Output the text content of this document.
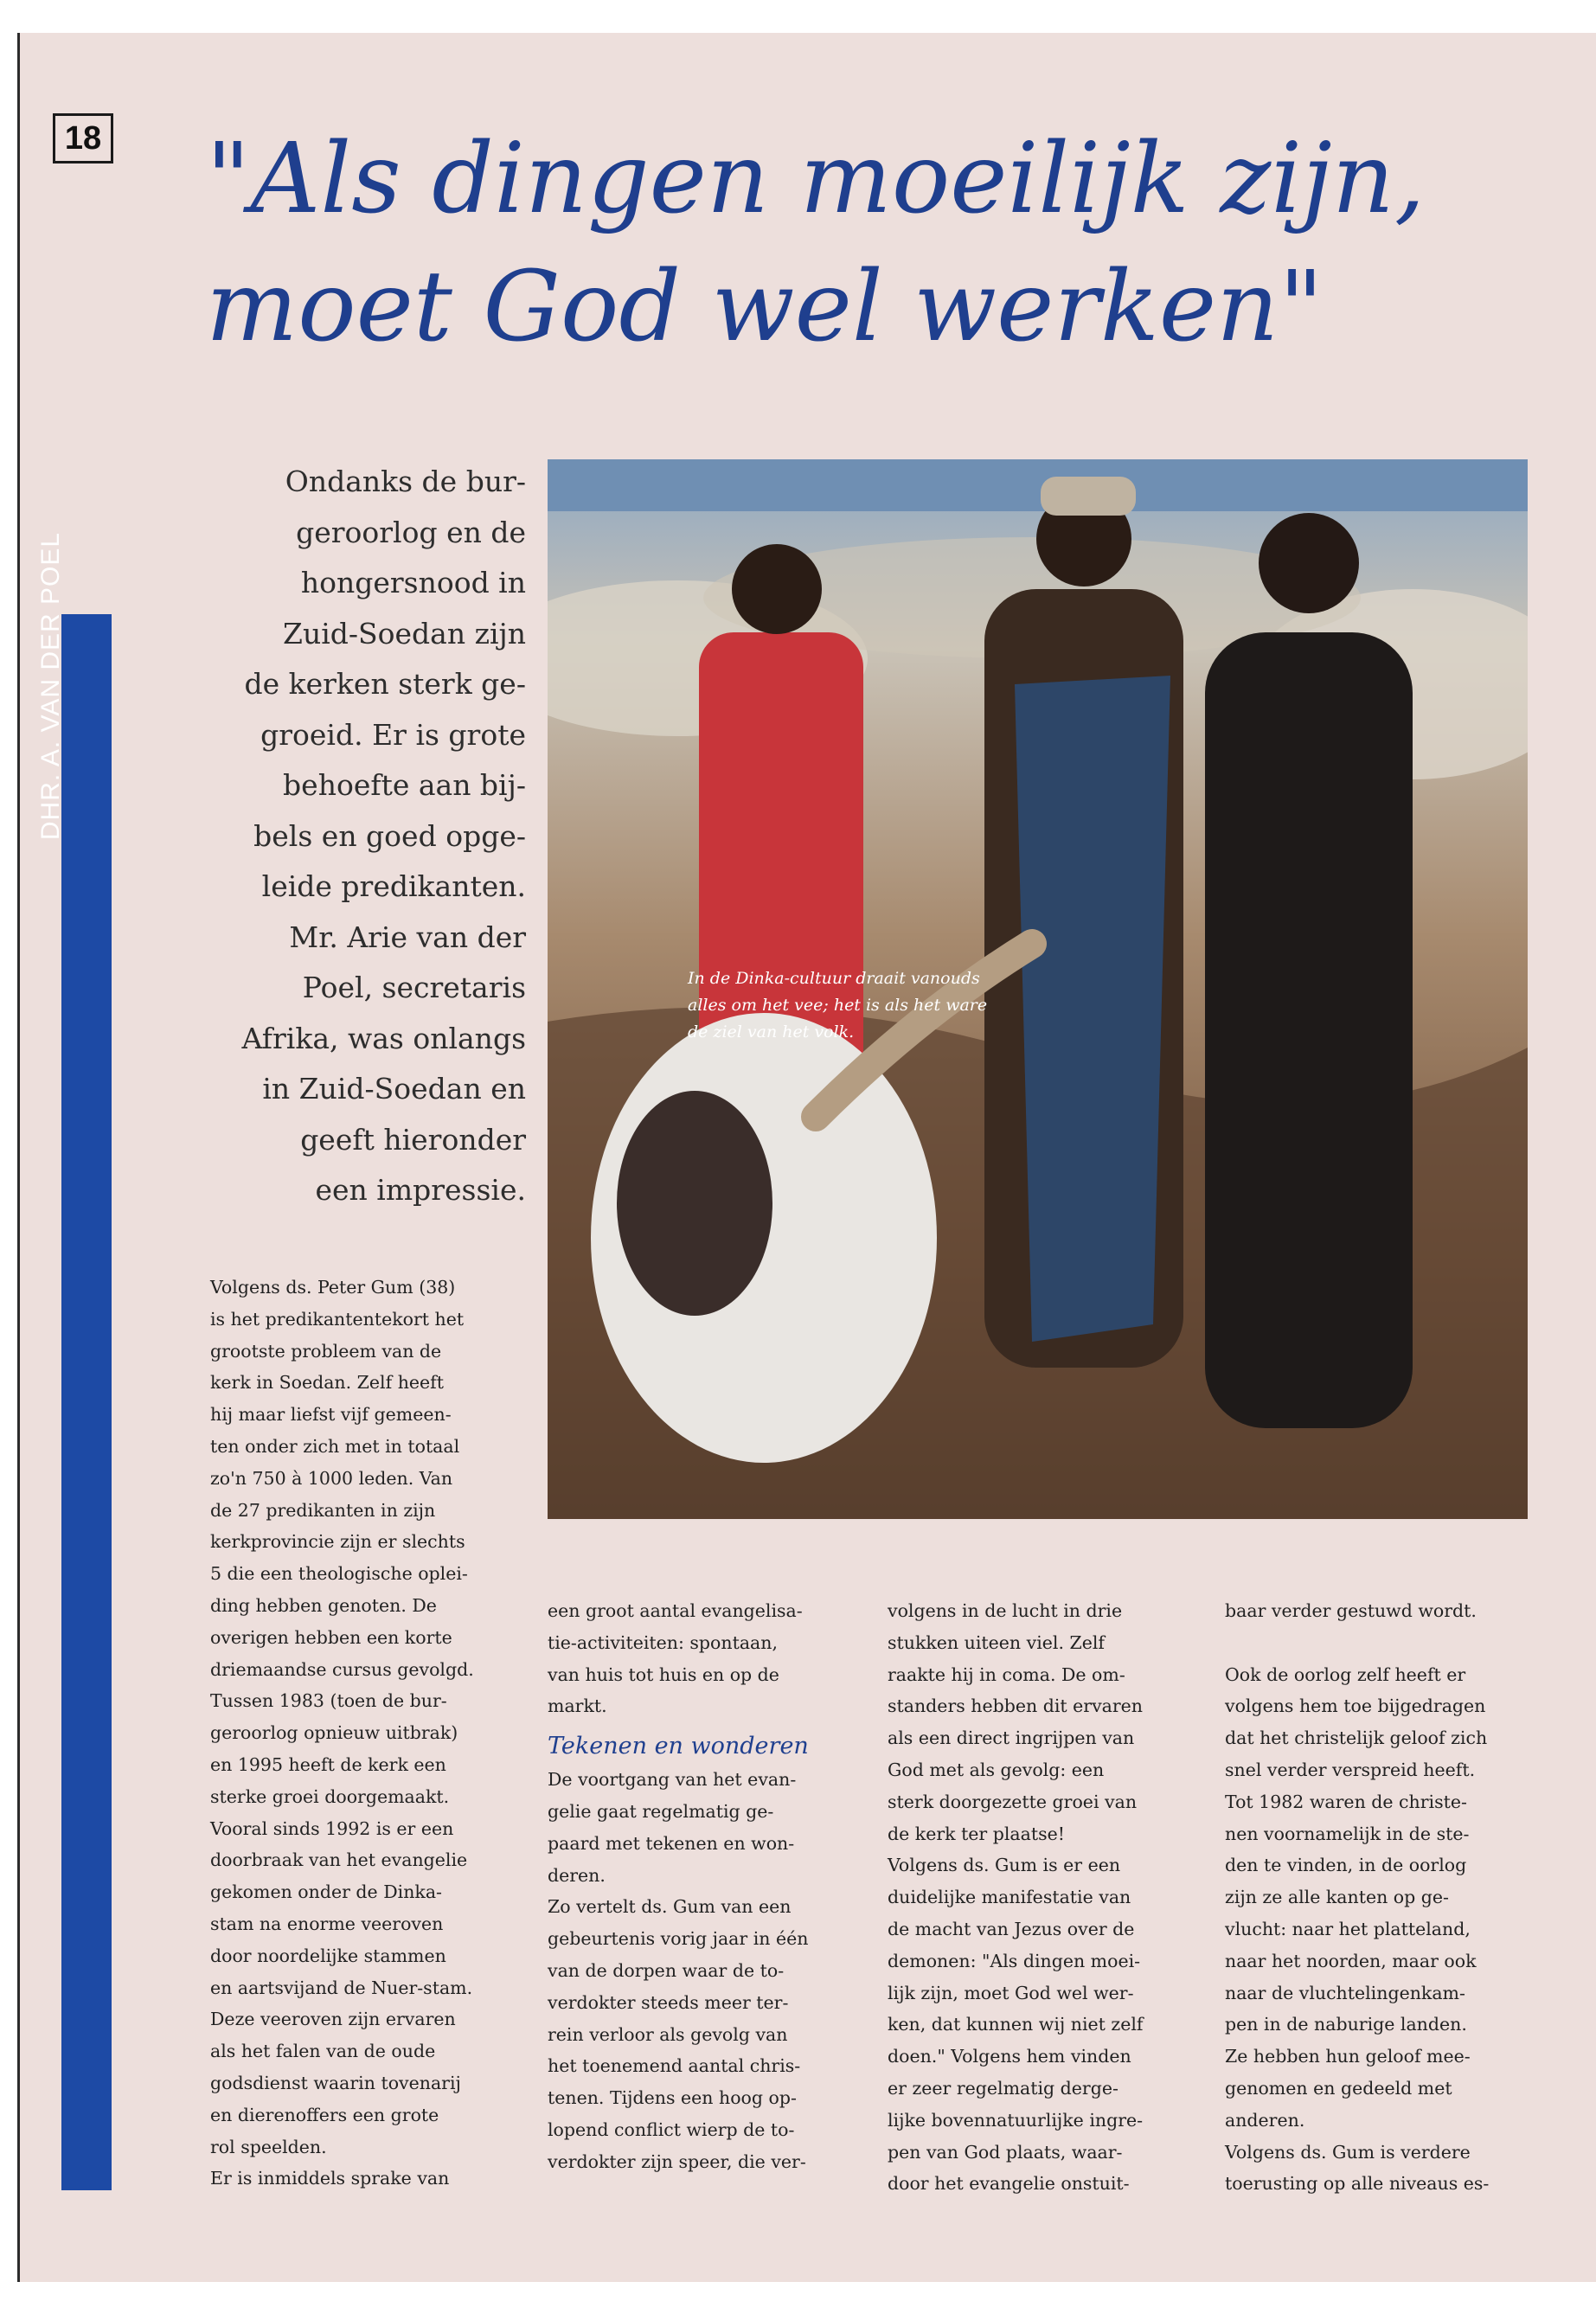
18 "Als dingen moeilijk zijn, moet God wel werken"
DHR. A. VAN DER POEL
Ondanks de bur-
geroorlog en de
hongersnood in
Zuid-Soedan zijn
de kerken sterk ge-
groeid. Er is grote
behoefte aan bij-
bels en goed opge-
leide predikanten.
Mr. Arie van der
Poel, secretaris
Afrika, was onlangs
in Zuid-Soedan en
geeft hieronder
een impressie.
In de Dinka-cultuur draait vanouds alles om het vee; het is als het ware de ziel van het volk.

Volgens ds. Peter Gum (38)
is het predikantentekort het
grootste probleem van de
kerk in Soedan. Zelf heeft
hij maar liefst vijf gemeen-
ten onder zich met in totaal
zo'n 750 à 1000 leden. Van
de 27 predikanten in zijn
kerkprovincie zijn er slechts
5 die een theologische oplei-
ding hebben genoten. De
overigen hebben een korte
driemaandse cursus gevolgd.
Tussen 1983 (toen de bur-
geroorlog opnieuw uitbrak)
en 1995 heeft de kerk een
sterke groei doorgemaakt.
Vooral sinds 1992 is er een
doorbraak van het evangelie
gekomen onder de Dinka-
stam na enorme veeroven
door noordelijke stammen
en aartsvijand de Nuer-stam.
Deze veeroven zijn ervaren
als het falen van de oude
godsdienst waarin tovenarij
en dierenoffers een grote
rol speelden.
Er is inmiddels sprake van

een groot aantal evangelisa-
tie-activiteiten: spontaan,
van huis tot huis en op de
markt.

Tekenen en wonderen

De voortgang van het evan-
gelie gaat regelmatig ge-
paard met tekenen en won-
deren.
Zo vertelt ds. Gum van een
gebeurtenis vorig jaar in één
van de dorpen waar de to-
verdokter steeds meer ter-
rein verloor als gevolg van
het toenemend aantal chris-
tenen. Tijdens een hoog op-
lopend conflict wierp de to-
verdokter zijn speer, die ver-

volgens in de lucht in drie
stukken uiteen viel. Zelf
raakte hij in coma. De om-
standers hebben dit ervaren
als een direct ingrijpen van
God met als gevolg: een
sterk doorgezette groei van
de kerk ter plaatse!
Volgens ds. Gum is er een
duidelijke manifestatie van
de macht van Jezus over de
demonen: "Als dingen moei-
lijk zijn, moet God wel wer-
ken, dat kunnen wij niet zelf
doen." Volgens hem vinden
er zeer regelmatig derge-
lijke bovennatuurlijke ingre-
pen van God plaats, waar-
door het evangelie onstuit-

baar verder gestuwd wordt.

Ook de oorlog zelf heeft er
volgens hem toe bijgedragen
dat het christelijk geloof zich
snel verder verspreid heeft.
Tot 1982 waren de christe-
nen voornamelijk in de ste-
den te vinden, in de oorlog
zijn ze alle kanten op ge-
vlucht: naar het platteland,
naar het noorden, maar ook
naar de vluchtelingenkam-
pen in de naburige landen.
Ze hebben hun geloof mee-
genomen en gedeeld met
anderen.
Volgens ds. Gum is verdere
toerusting op alle niveaus es-
